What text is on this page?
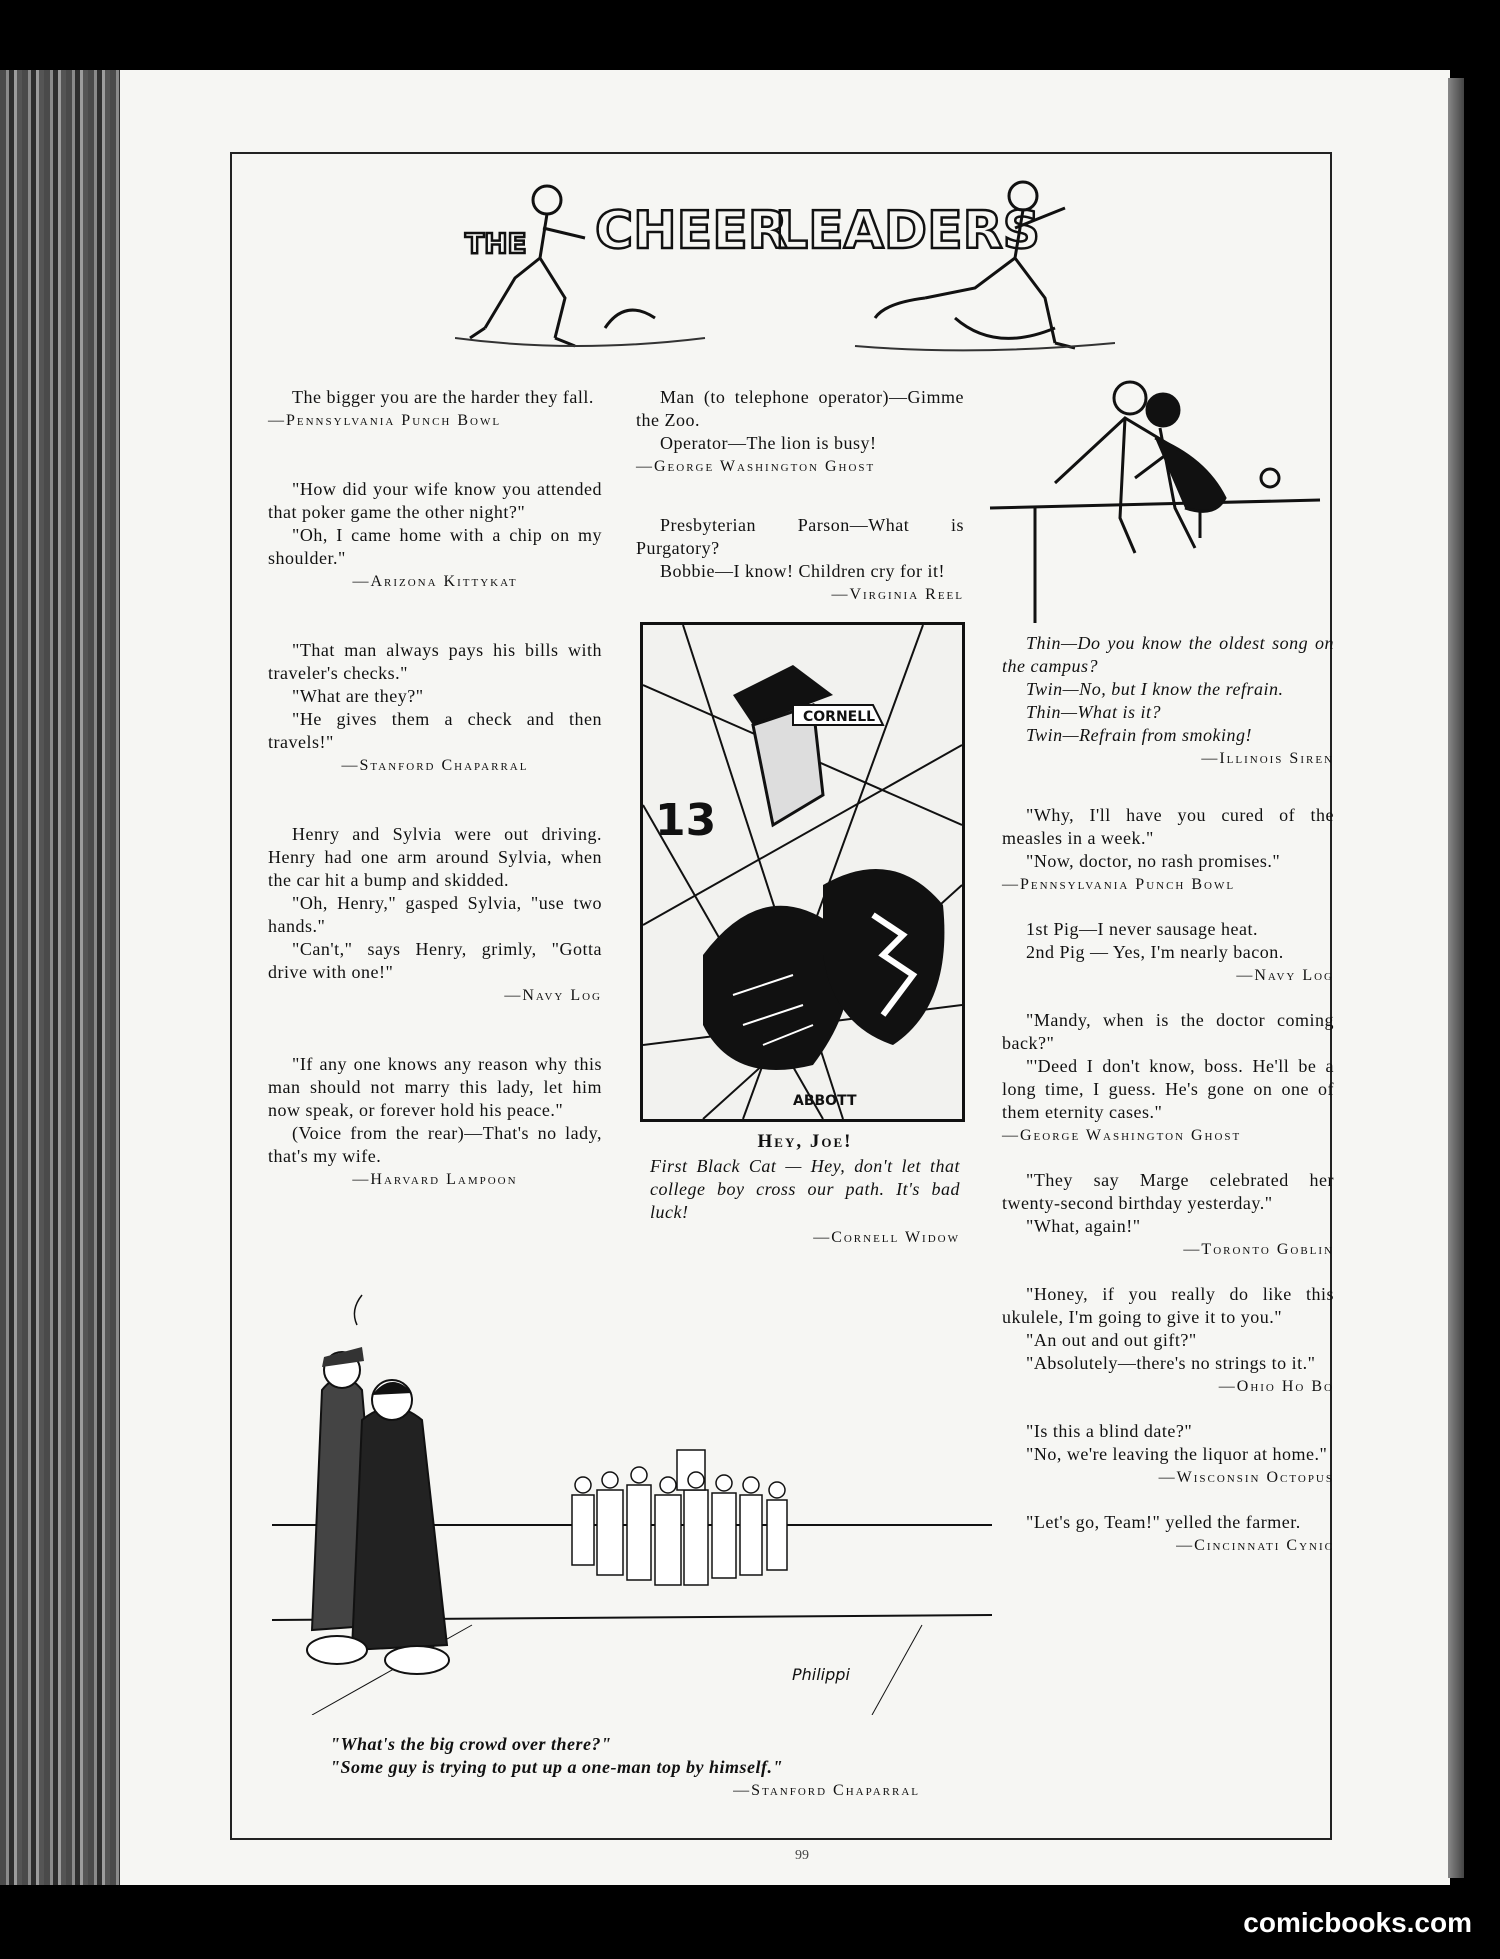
THE CHEER
LEADERS

The bigger you are the harder they fall.

—Pennsylvania Punch Bowl

"How did your wife know you attended that poker game the other night?"

"Oh, I came home with a chip on my shoulder."

—Arizona Kittykat

"That man always pays his bills with traveler's checks."

"What are they?"

"He gives them a check and then travels!"

—Stanford Chaparral

Henry and Sylvia were out driving. Henry had one arm around Sylvia, when the car hit a bump and skidded.

"Oh, Henry," gasped Sylvia, "use two hands."

"Can't," says Henry, grimly, "Gotta drive with one!"

—Navy Log

"If any one knows any reason why this man should not marry this lady, let him now speak, or forever hold his peace."

(Voice from the rear)—That's no lady, that's my wife.

—Harvard Lampoon

Man (to telephone operator)—Gimme the Zoo.

Operator—The lion is busy!

—George Washington Ghost

Presbyterian Parson—What is Purgatory?

Bobbie—I know! Children cry for it!

—Virginia Reel
CORNELL
13
ABBOTT
Hey, Joe!

First Black Cat — Hey, don't let that college boy cross our path. It's bad luck!

—Cornell Widow

Thin—Do you know the oldest song on the campus?

Twin—No, but I know the refrain.

Thin—What is it?

Twin—Refrain from smoking!

—Illinois Siren

"Why, I'll have you cured of the measles in a week."

"Now, doctor, no rash promises."

—Pennsylvania Punch Bowl

1st Pig—I never sausage heat.

2nd Pig — Yes, I'm nearly bacon.

—Navy Log

"Mandy, when is the doctor coming back?"

"'Deed I don't know, boss. He'll be a long time, I guess. He's gone on one of them eternity cases."

—George Washington Ghost

"They say Marge celebrated her twenty-second birthday yesterday."

"What, again!"

—Toronto Goblin

"Honey, if you really do like this ukulele, I'm going to give it to you."

"An out and out gift?"

"Absolutely—there's no strings to it."

—Ohio Ho Bo

"Is this a blind date?"

"No, we're leaving the liquor at home."

—Wisconsin Octopus

"Let's go, Team!" yelled the farmer.

—Cincinnati Cynic
Philippi
"What's the big crowd over there?"
"Some guy is trying to put up a one-man top by himself."
—Stanford Chaparral
99
comicbooks.com
